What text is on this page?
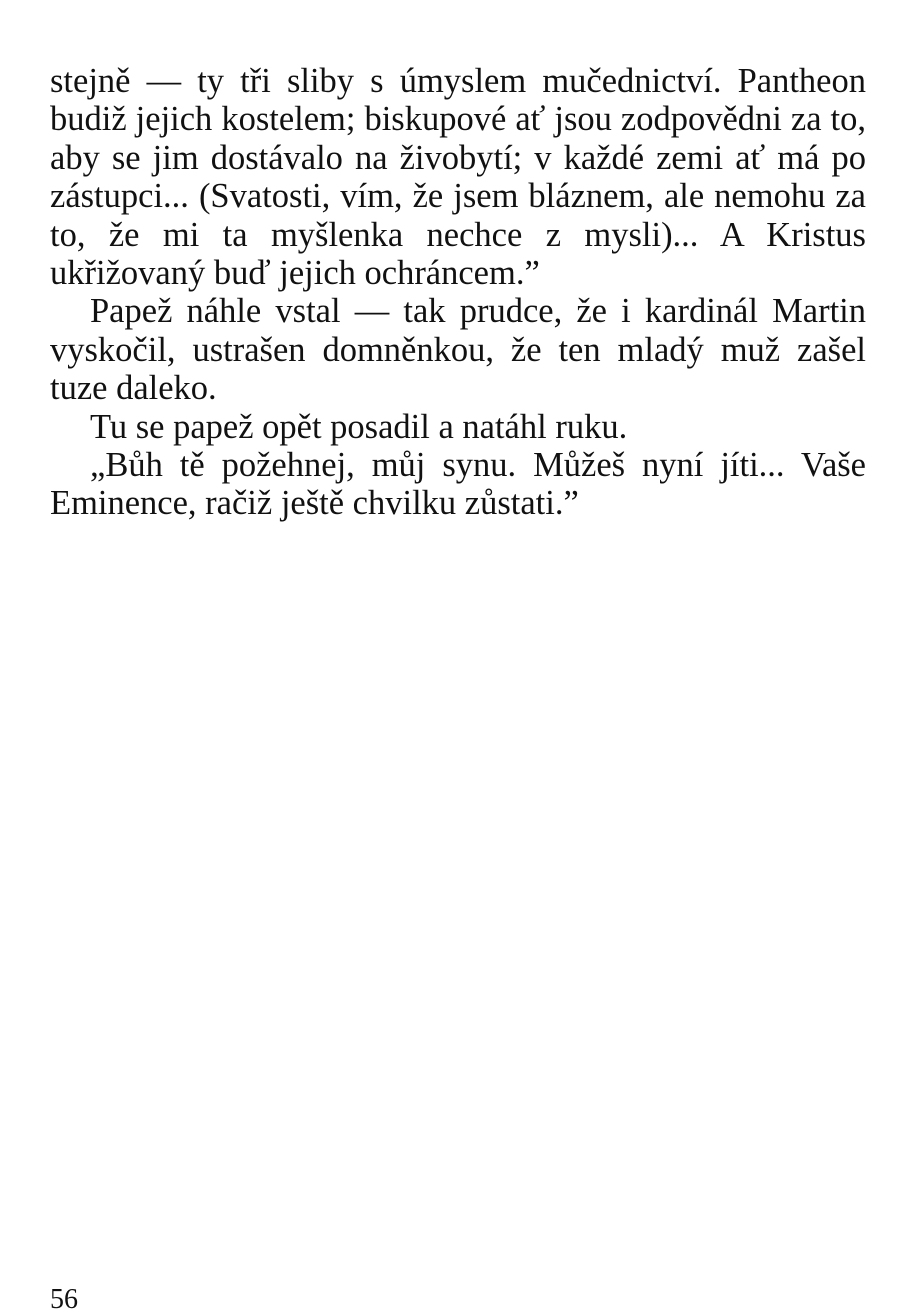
stejně — ty tři sliby s úmyslem mučednictví. Pantheon budiž jejich kostelem; biskupové ať jsou zodpovědni za to, aby se jim dostávalo na živobytí; v každé zemi ať má po zástupci... (Svatosti, vím, že jsem bláznem, ale nemohu za to, že mi ta myšlenka nechce z mysli)... A Kristus ukřižovaný buď jejich ochráncem.”

Papež náhle vstal — tak prudce, že i kardinál Martin vyskočil, ustrašen domněnkou, že ten mladý muž zašel tuze daleko.

Tu se papež opět posadil a natáhl ruku.

„Bůh tě požehnej, můj synu. Můžeš nyní jíti... Vaše Eminence, račiž ještě chvilku zůstati.”

56
